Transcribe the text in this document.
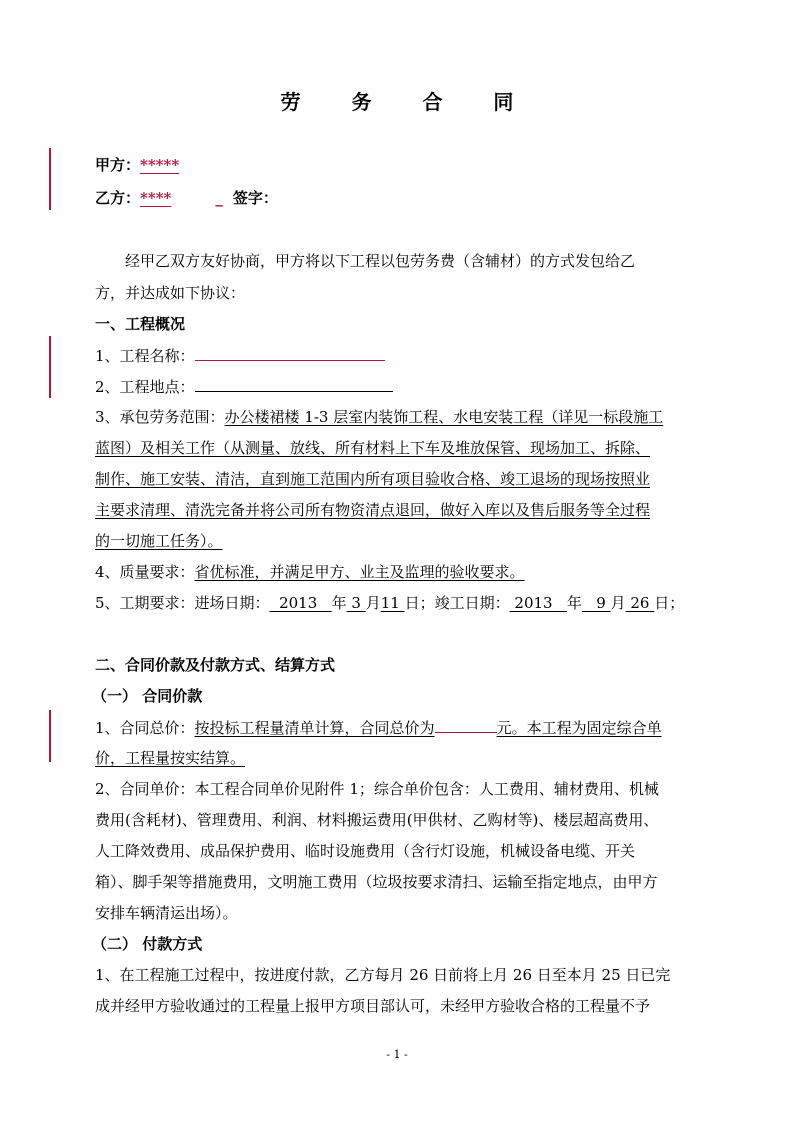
劳 务 合 同
甲方：*****
乙方：****	_ 签字：
经甲乙双方友好协商，甲方将以下工程以包劳务费（含辅材）的方式发包给乙
方，并达成如下协议：
一、工程概况
1、工程名称：
2、工程地点：
3、承包劳务范围：办公楼裙楼 1-3 层室内装饰工程、水电安装工程（详见一标段施工
蓝图）及相关工作（从测量、放线、所有材料上下车及堆放保管、现场加工、拆除、
制作、施工安装、清洁，直到施工范围内所有项目验收合格、竣工退场的现场按照业
主要求清理、清洗完备并将公司所有物资清点退回，做好入库以及售后服务等全过程
的一切施工任务）。
4、质量要求：省优标准，并满足甲方、业主及监理的验收要求。
5、工期要求：进场日期： 2013 年 3 月11 日；竣工日期： 2013 年 9 月 26 日；
二、合同价款及付款方式、结算方式
（一） 合同价款
1、合同总价：按投标工程量清单计算，合同总价为	元。本工程为固定综合单
价，工程量按实结算。
2、合同单价：本工程合同单价见附件 1；综合单价包含：人工费用、辅材费用、机械
费用(含耗材)、管理费用、利润、材料搬运费用(甲供材、乙购材等)、楼层超高费用、
人工降效费用、成品保护费用、临时设施费用（含行灯设施，机械设备电缆、开关
箱）、脚手架等措施费用，文明施工费用（垃圾按要求清扫、运输至指定地点，由甲方
安排车辆清运出场）。
（二） 付款方式
1、在工程施工过程中，按进度付款，乙方每月 26 日前将上月 26 日至本月 25 日已完
成并经甲方验收通过的工程量上报甲方项目部认可，未经甲方验收合格的工程量不予
- 1 -
